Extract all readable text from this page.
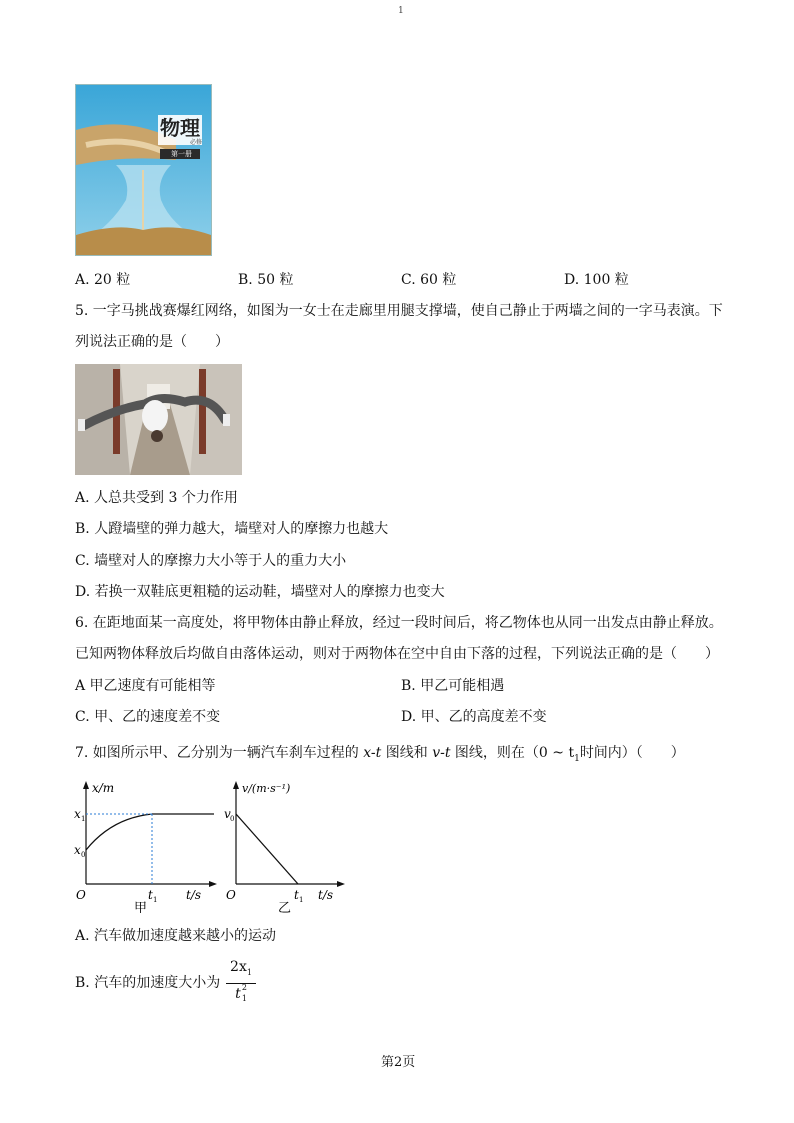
1
物理
必修
第一册
A. 20 粒	B. 50 粒	C. 60 粒	D. 100 粒
5. 一字马挑战赛爆红网络，如图为一女士在走廊里用腿支撑墙，使自己静止于两墙之间的一字马表演。下
列说法正确的是（　　）
A. 人总共受到 3 个力作用
B. 人蹬墙壁的弹力越大，墙壁对人的摩擦力也越大
C. 墙壁对人的摩擦力大小等于人的重力大小
D. 若换一双鞋底更粗糙的运动鞋，墙壁对人的摩擦力也变大
6. 在距地面某一高度处，将甲物体由静止释放，经过一段时间后，将乙物体也从同一出发点由静止释放。
已知两物体释放后均做自由落体运动，则对于两物体在空中自由下落的过程，下列说法正确的是（　　）
A 甲乙速度有可能相等	B. 甲乙可能相遇
C. 甲、乙的速度差不变	D. 甲、乙的高度差不变
7. 如图所示甲、乙分别为一辆汽车刹车过程的 x-t 图线和 v-t 图线，则在（0 ~ $t_1$时间内）（　　）
x/m
x 1
x 0
O	t 1 t/s
甲
v/(m·s⁻¹)
v 0
O	t 1 t/s
乙
A. 汽车做加速度越来越小的运动
B. 汽车的加速度大小为 $2x_1$
t 2
1
第2页
